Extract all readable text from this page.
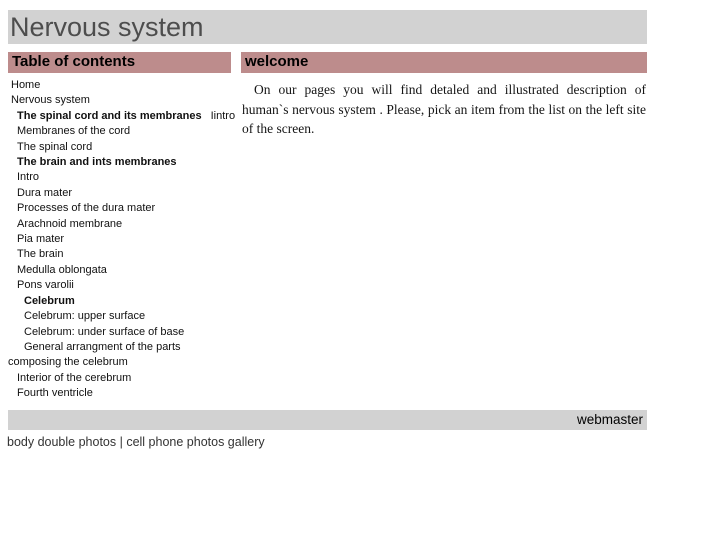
Nervous system
Table of contents
Home
Nervous system
The spinal cord and its membranes Iintro
Membranes of the cord
The spinal cord
The brain and ints membranes
Intro
Dura mater
Processes of the dura mater
Arachnoid membrane
Pia mater
The brain
Medulla oblongata
Pons varolii
Celebrum
Celebrum: upper surface
Celebrum: under surface of base
General arrangment of the parts
composing the celebrum
Interior of the cerebrum
Fourth ventricle
welcome

On our pages you will find detaled and illustrated description of human`s nervous system . Please, pick an item from the list on the left site of the screen.

webmaster
body double photos | cell phone photos gallery
